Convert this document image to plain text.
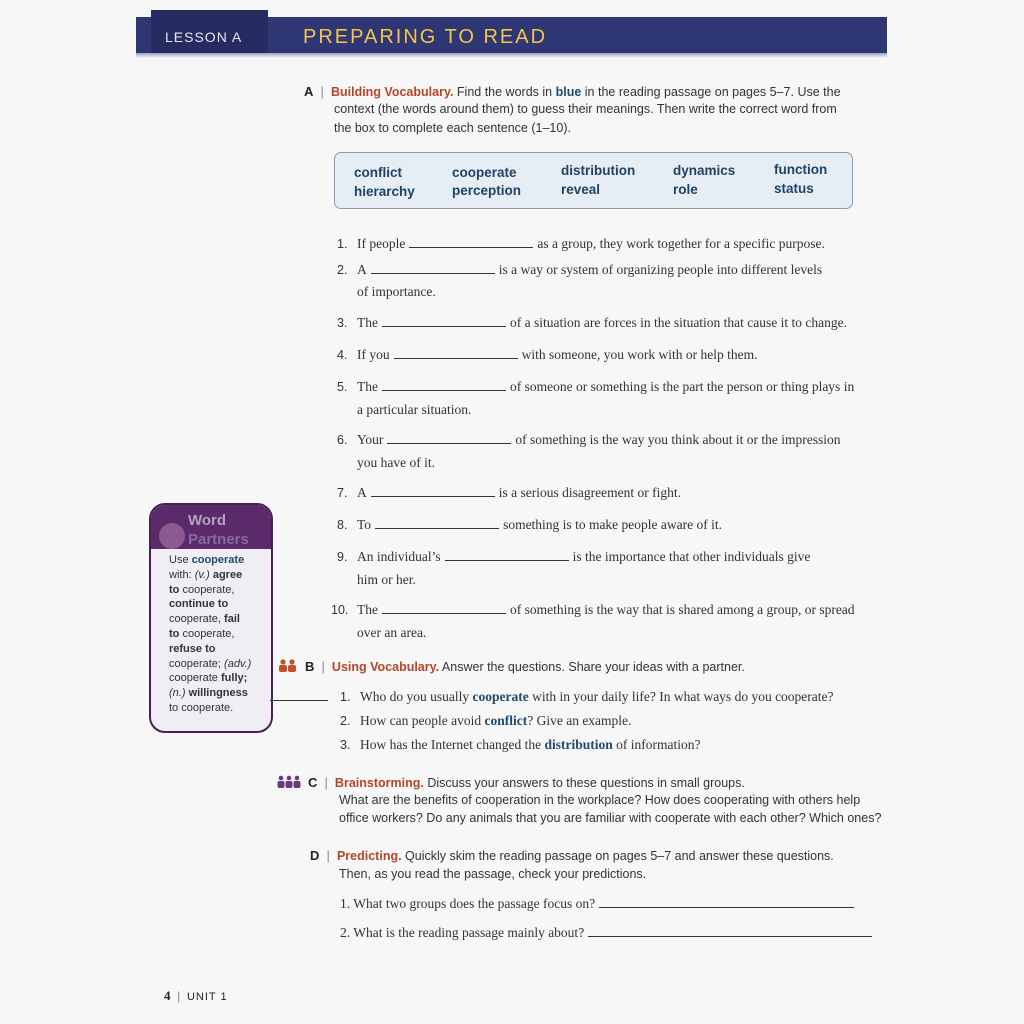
LESSON A	PREPARING TO READ
A  |  Building Vocabulary. Find the words in blue in the reading passage on pages 5–7. Use the
context (the words around them) to guess their meanings. Then write the correct word from
the box to complete each sentence (1–10).
conflict	cooperate	distribution	dynamics	function
hierarchy	perception	reveal	role	status
1. If people	as a group, they work together for a specific purpose.
2. A	is a way or system of organizing people into different levels
of importance.
3. The	of a situation are forces in the situation that cause it to change.
4. If you	with someone, you work with or help them.
5. The	of someone or something is the part the person or thing plays in
a particular situation.
6. Your	of something is the way you think about it or the impression
you have of it.
7. A	is a serious disagreement or fight.
8. To	something is to make people aware of it.
9. An individual’s	is the importance that other individuals give
him or her.
10. The	of something is the way that is shared among a group, or spread
over an area.
Word
Partners
Use cooperate
with: (v.) agree
to cooperate,
continue to
cooperate, fail
to cooperate,
refuse to
cooperate; (adv.)
cooperate fully;
(n.) willingness
to cooperate.
B  |  Using Vocabulary. Answer the questions. Share your ideas with a partner.
1. Who do you usually cooperate with in your daily life? In what ways do you cooperate?
2. How can people avoid conflict? Give an example.
3. How has the Internet changed the distribution of information?
C  |  Brainstorming. Discuss your answers to these questions in small groups.
What are the benefits of cooperation in the workplace? How does cooperating with others help
office workers? Do any animals that you are familiar with cooperate with each other? Which ones?
D  |  Predicting. Quickly skim the reading passage on pages 5–7 and answer these questions.
Then, as you read the passage, check your predictions.
1. What two groups does the passage focus on?
2. What is the reading passage mainly about?
4  |  UNIT 1
